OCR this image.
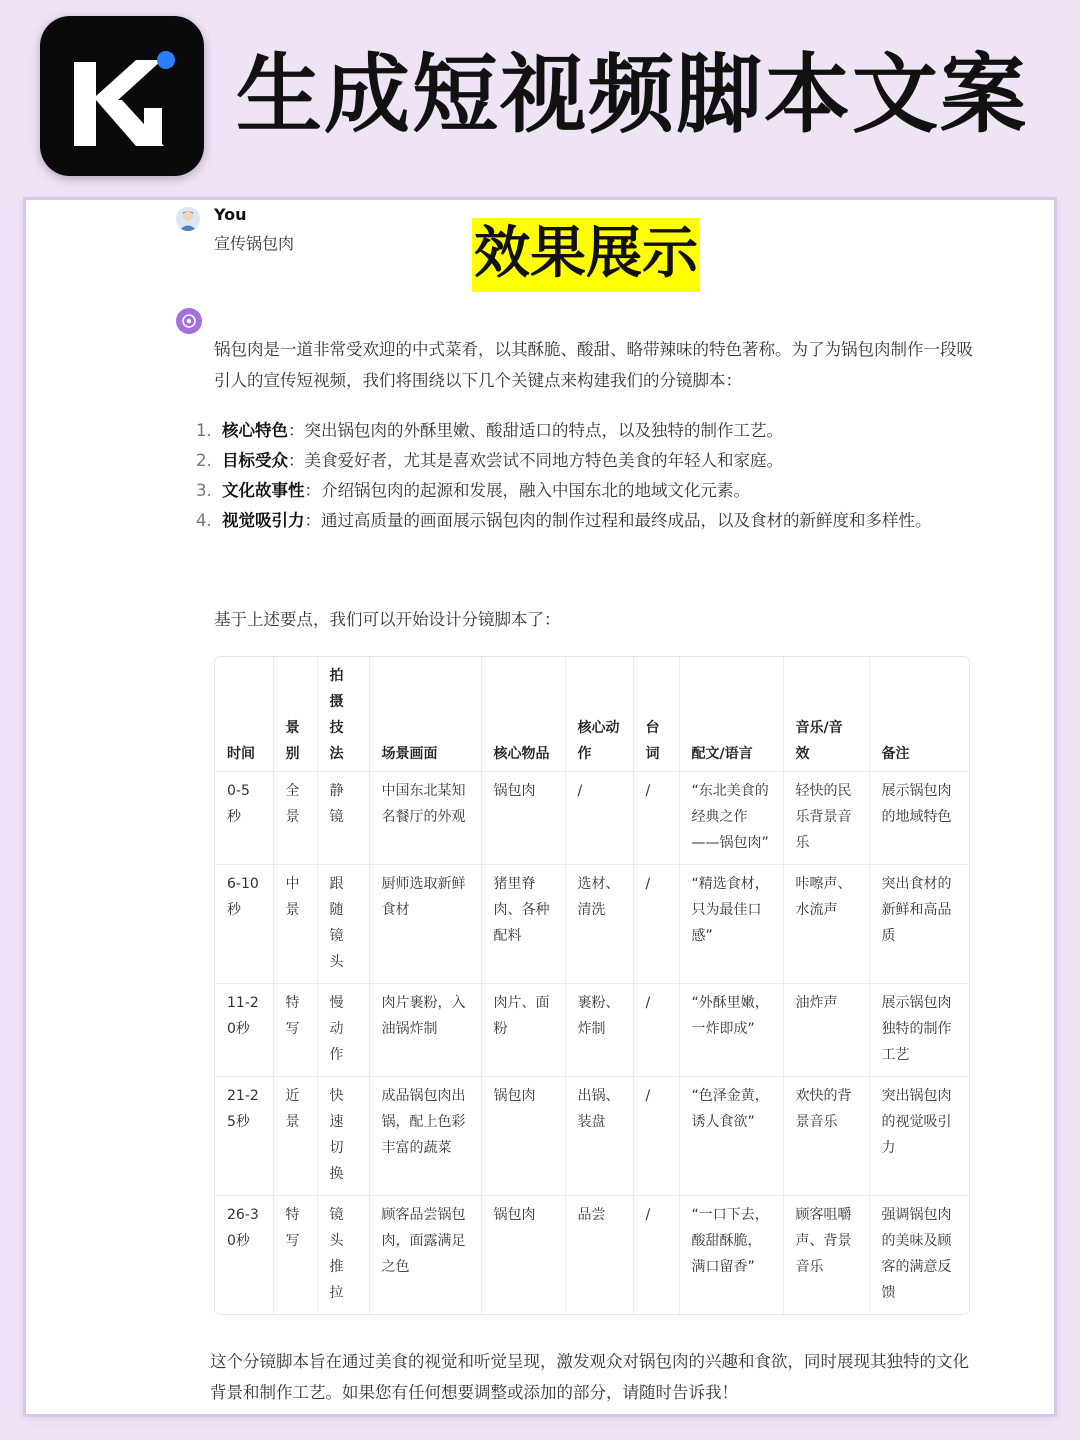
生成短视频脚本文案
You
宣传锅包肉	效果展示
锅包肉是一道非常受欢迎的中式菜肴，以其酥脆、酸甜、略带辣味的特色著称。为了为锅包肉制作一段吸引人的宣传短视频，我们将围绕以下几个关键点来构建我们的分镜脚本：
1. 核心特色：突出锅包肉的外酥里嫩、酸甜适口的特点，以及独特的制作工艺。
2. 目标受众：美食爱好者，尤其是喜欢尝试不同地方特色美食的年轻人和家庭。
3. 文化故事性：介绍锅包肉的起源和发展，融入中国东北的地域文化元素。
4. 视觉吸引力：通过高质量的画面展示锅包肉的制作过程和最终成品，以及食材的新鲜度和多样性。
基于上述要点，我们可以开始设计分镜脚本了：
时间	景别	拍摄技法	场景画面	核心物品	核心动作	台词	配文/语言	音乐/音效	备注
0-5秒	全景	静镜	中国东北某知名餐厅的外观	锅包肉	/	/	“东北美食的经典之作——锅包肉”	轻快的民乐背景音乐	展示锅包肉的地域特色
6-10秒	中景	跟随镜头	厨师选取新鲜食材	猪里脊肉、各种配料	选材、清洗	/	“精选食材，只为最佳口感”	咔嚓声、水流声	突出食材的新鲜和高品质
11-20秒	特写	慢动作	肉片裹粉，入油锅炸制	肉片、面粉	裹粉、炸制	/	“外酥里嫩，一炸即成”	油炸声	展示锅包肉独特的制作工艺
21-25秒	近景	快速切换	成品锅包肉出锅，配上色彩丰富的蔬菜	锅包肉	出锅、装盘	/	“色泽金黄，诱人食欲”	欢快的背景音乐	突出锅包肉的视觉吸引力
26-30秒	特写	镜头推拉	顾客品尝锅包肉，面露满足之色	锅包肉	品尝	/	“一口下去，酸甜酥脆，满口留香”	顾客咀嚼声、背景音乐	强调锅包肉的美味及顾客的满意反馈
这个分镜脚本旨在通过美食的视觉和听觉呈现，激发观众对锅包肉的兴趣和食欲，同时展现其独特的文化背景和制作工艺。如果您有任何想要调整或添加的部分，请随时告诉我！
